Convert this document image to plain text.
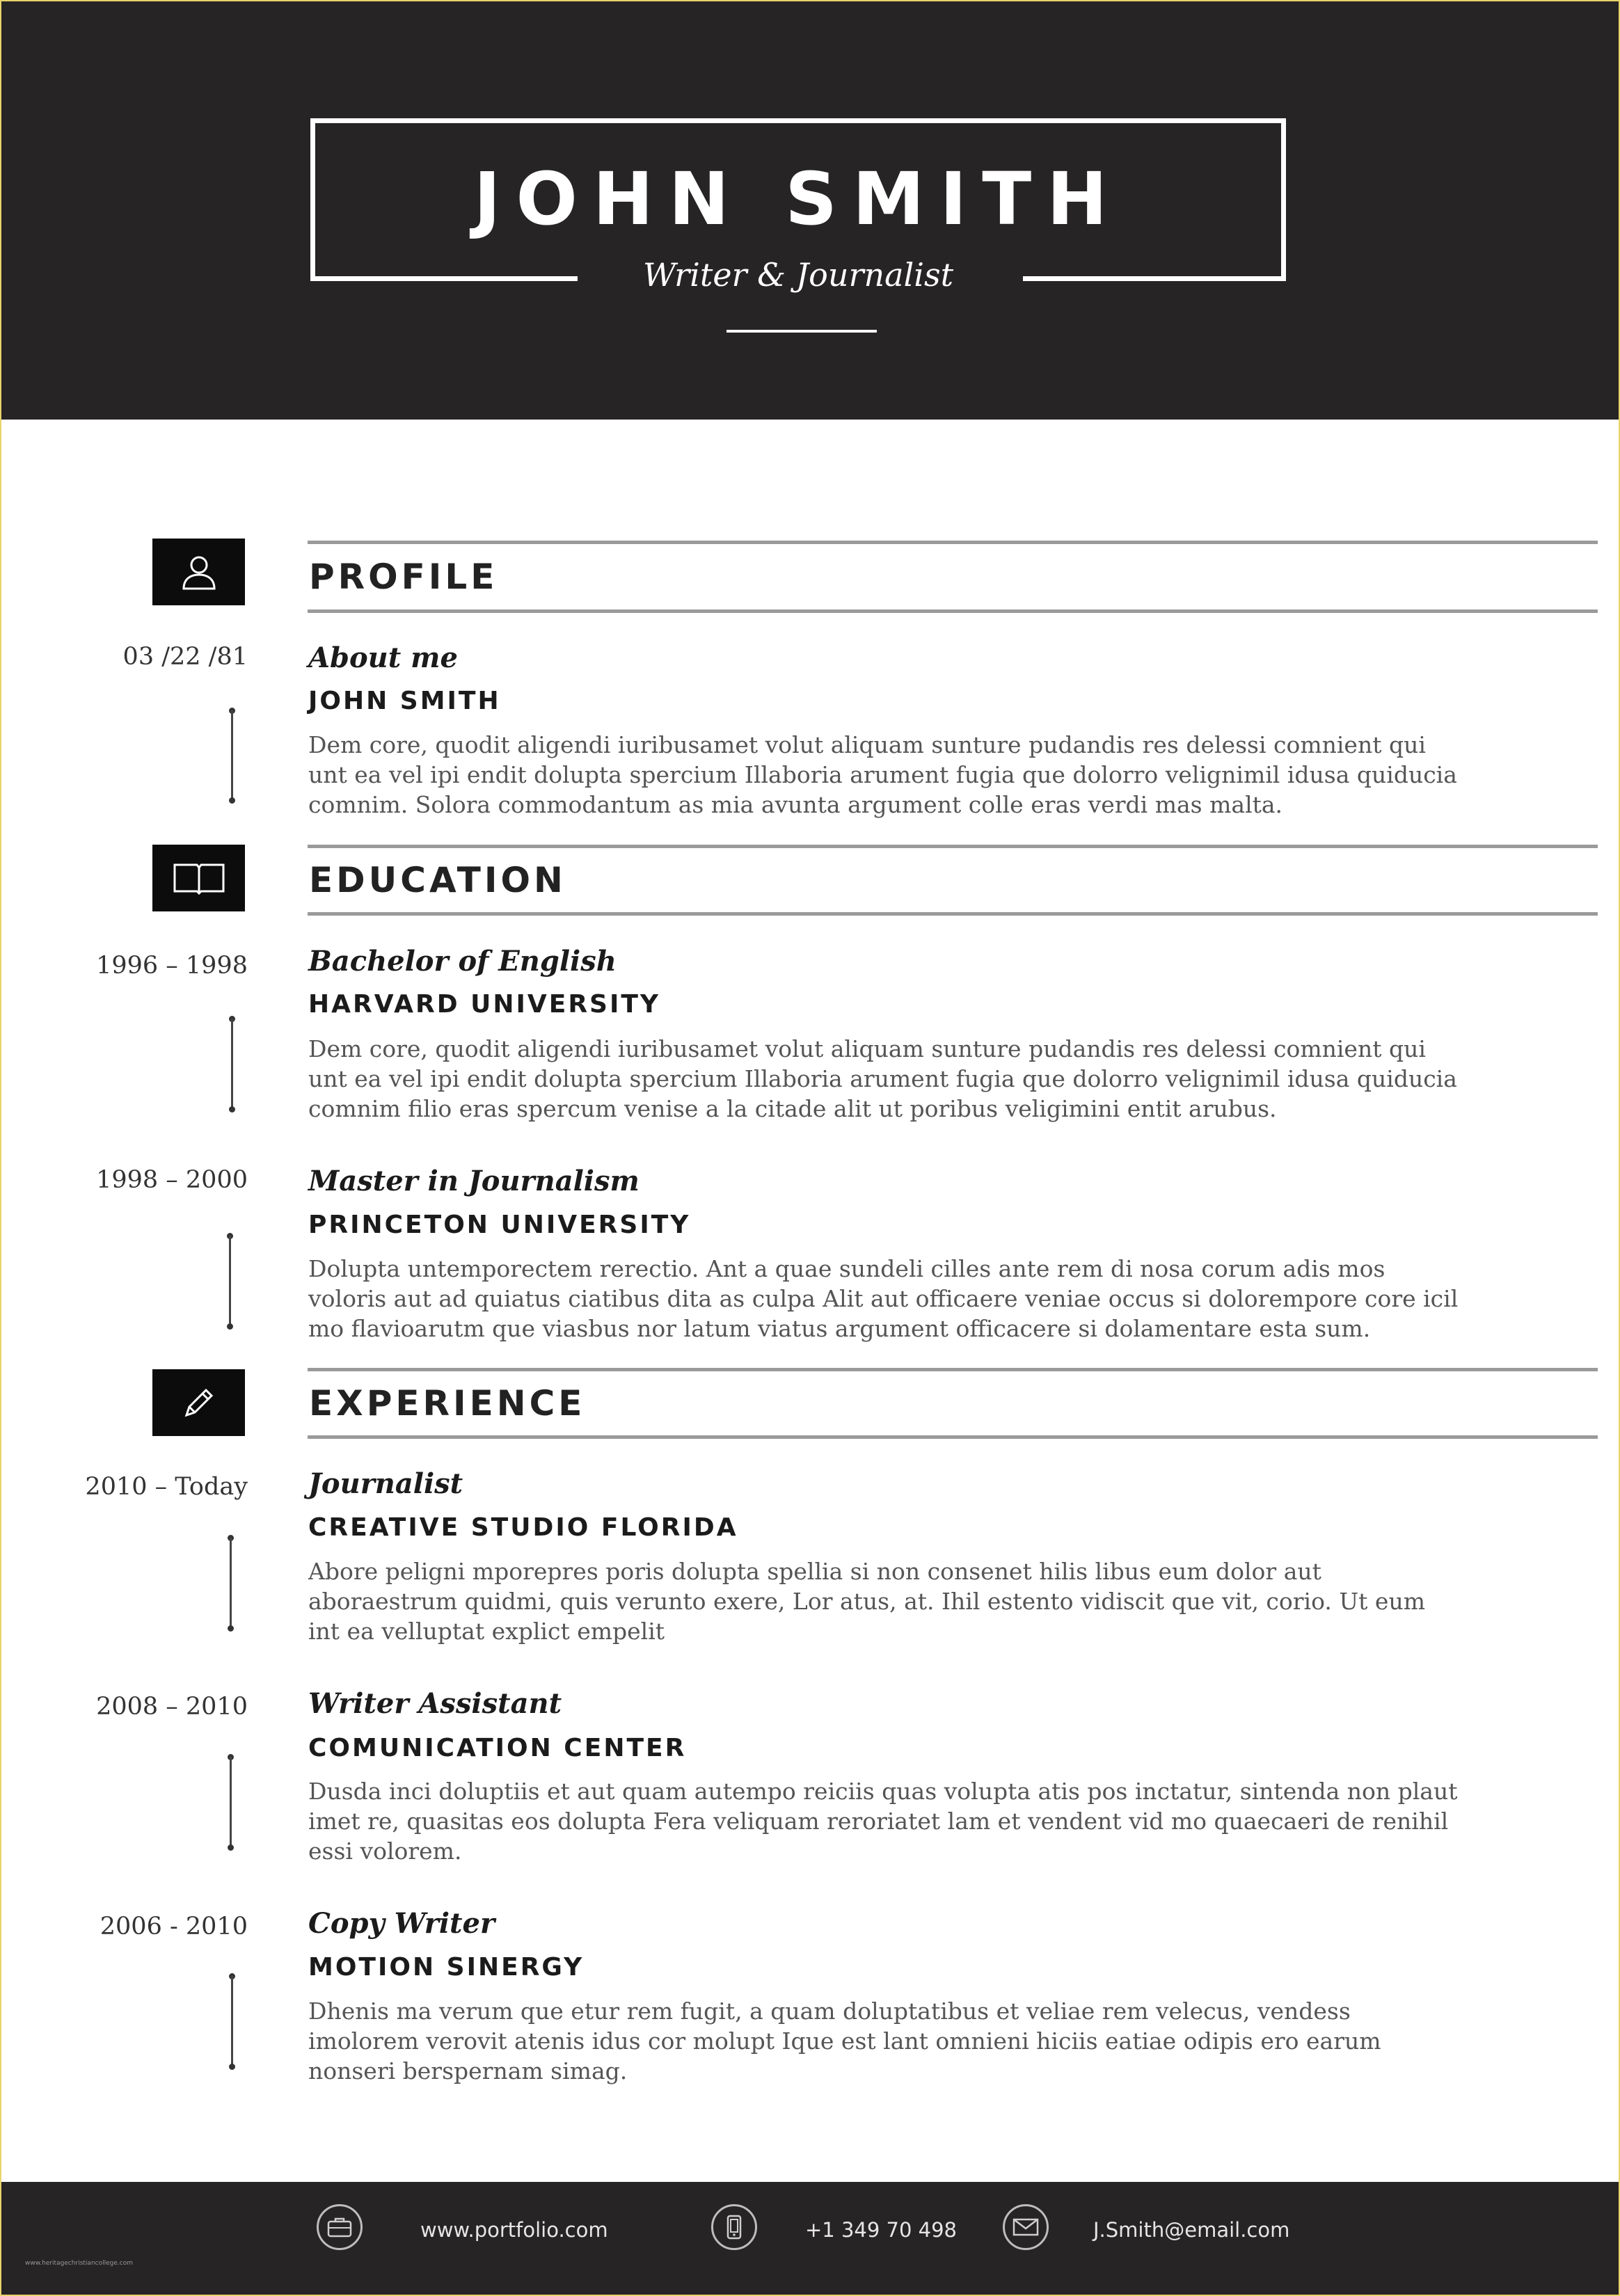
JOHN SMITH
Writer & Journalist
PROFILE
03 /22 /81 About me
JOHN SMITH
Dem core, quodit aligendi iuribusamet volut aliquam sunture pudandis res delessi comnient qui unt ea vel ipi endit dolupta spercium Illaboria arument fugia que dolorro velignimil idusa quiducia comnim. Solora commodantum as mia avunta argument colle eras verdi mas malta.
EDUCATION
1996 – 1998 Bachelor of English
HARVARD UNIVERSITY
Dem core, quodit aligendi iuribusamet volut aliquam sunture pudandis res delessi comnient qui unt ea vel ipi endit dolupta spercium Illaboria arument fugia que dolorro velignimil idusa quiducia comnim filio eras spercum venise a la citade alit ut poribus veligimini entit arubus.
1998 – 2000 Master in Journalism
PRINCETON UNIVERSITY
Dolupta untemporectem rerectio. Ant a quae sundeli cilles ante rem di nosa corum adis mos voloris aut ad quiatus ciatibus dita as culpa Alit aut officaere veniae occus si dolorempore core icil mo flavioarutm que viasbus nor latum viatus argument officacere si dolamentare esta sum.
EXPERIENCE
2010 – Today Journalist
CREATIVE STUDIO FLORIDA
Abore peligni mporepres poris dolupta spellia si non consenet hilis libus eum dolor aut aboraestrum quidmi, quis verunto exere, Lor atus, at. Ihil estento vidiscit que vit, corio. Ut eum int ea velluptat explict empelit
2008 – 2010 Writer Assistant
COMUNICATION CENTER
Dusda inci doluptiis et aut quam autempo reiciis quas volupta atis pos inctatur, sintenda non plaut imet re, quasitas eos dolupta Fera veliquam reroriatet lam et vendent vid mo quaecaeri de renihil essi volorem.
2006 - 2010 Copy Writer
MOTION SINERGY
Dhenis ma verum que etur rem fugit, a quam doluptatibus et veliae rem velecus, vendess imolorem verovit atenis idus cor molupt Ique est lant omnieni hiciis eatiae odipis ero earum nonseri berspernam simag.
www.portfolio.com	+1 349 70 498	J.Smith@email.com
www.heritagechristiancollege.com
